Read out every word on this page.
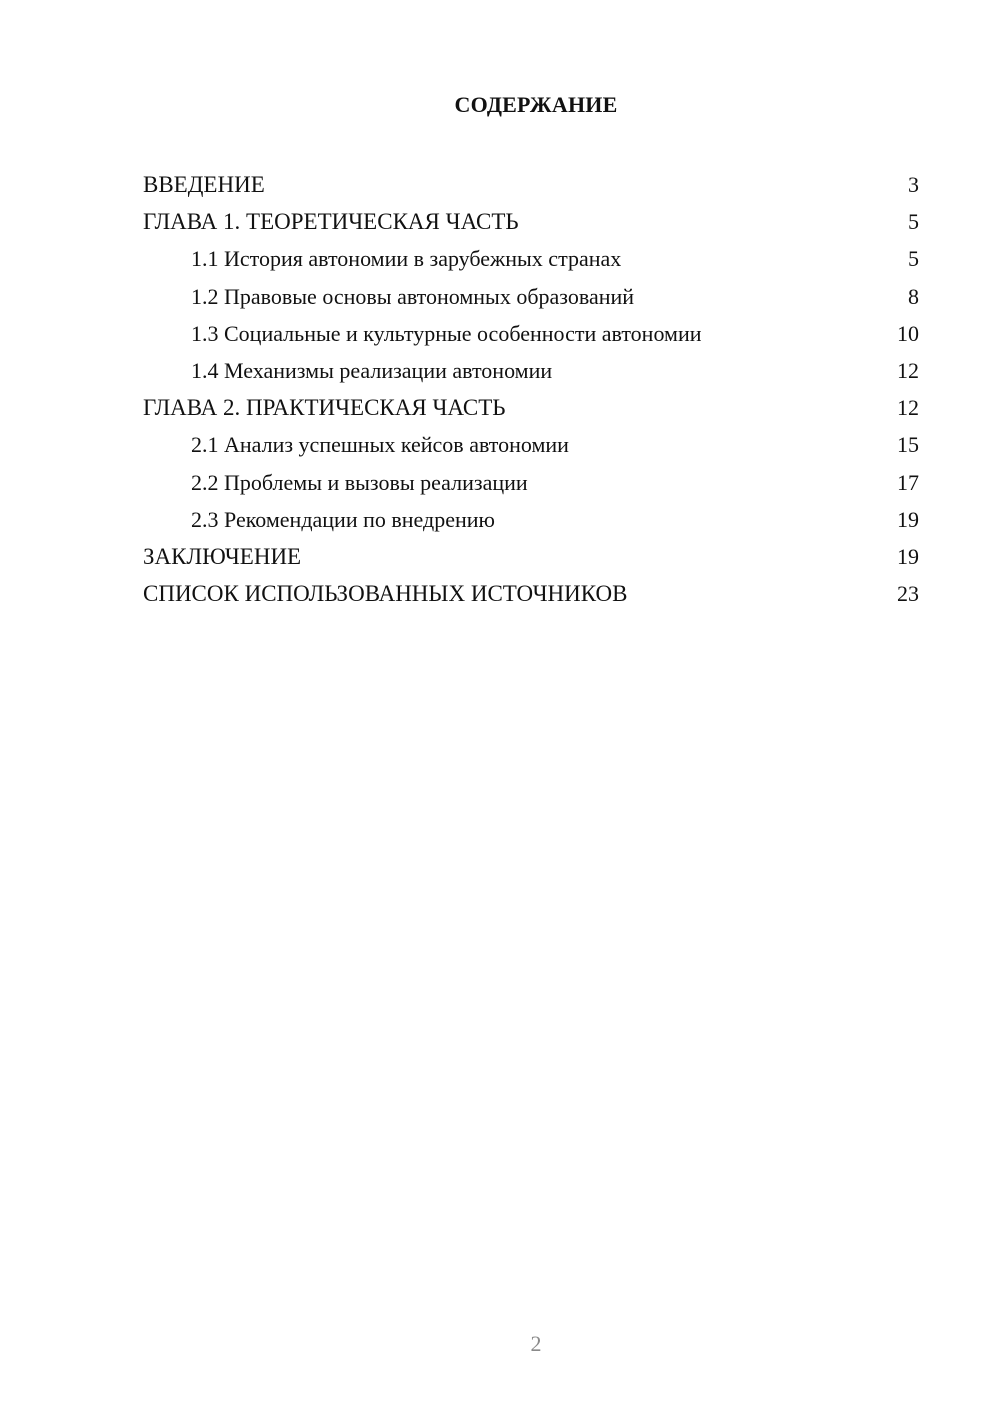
СОДЕРЖАНИЕ
ВВЕДЕНИЕ	3
ГЛАВА 1. ТЕОРЕТИЧЕСКАЯ ЧАСТЬ	5
1.1 История автономии в зарубежных странах	5
1.2 Правовые основы автономных образований	8
1.3 Социальные и культурные особенности автономии	10
1.4 Механизмы реализации автономии	12
ГЛАВА 2. ПРАКТИЧЕСКАЯ ЧАСТЬ	12
2.1 Анализ успешных кейсов автономии	15
2.2 Проблемы и вызовы реализации	17
2.3 Рекомендации по внедрению	19
ЗАКЛЮЧЕНИЕ	19
СПИСОК ИСПОЛЬЗОВАННЫХ ИСТОЧНИКОВ	23
2
